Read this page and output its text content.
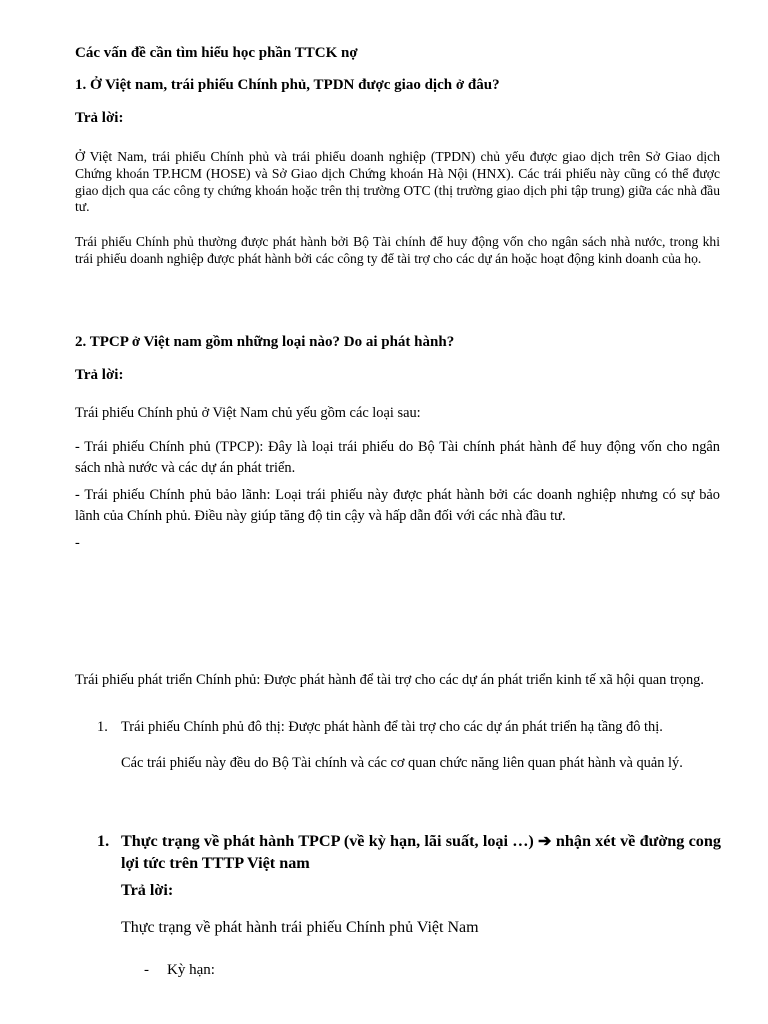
Các vấn đề cần tìm hiểu học phần TTCK nợ
1. Ở Việt nam, trái phiếu Chính phủ, TPDN được giao dịch ở đâu?
Trả lời:
Ở Việt Nam, trái phiếu Chính phủ và trái phiếu doanh nghiệp (TPDN) chủ yếu được giao dịch trên Sở Giao dịch Chứng khoán TP.HCM (HOSE) và Sở Giao dịch Chứng khoán Hà Nội (HNX). Các trái phiếu này cũng có thể được giao dịch qua các công ty chứng khoán hoặc trên thị trường OTC (thị trường giao dịch phi tập trung) giữa các nhà đầu tư.
Trái phiếu Chính phủ thường được phát hành bởi Bộ Tài chính để huy động vốn cho ngân sách nhà nước, trong khi trái phiếu doanh nghiệp được phát hành bởi các công ty để tài trợ cho các dự án hoặc hoạt động kinh doanh của họ.
2. TPCP ở Việt nam gồm những loại nào? Do ai phát hành?
Trả lời:
Trái phiếu Chính phủ ở Việt Nam chủ yếu gồm các loại sau:
- Trái phiếu Chính phủ (TPCP): Đây là loại trái phiếu do Bộ Tài chính phát hành để huy động vốn cho ngân sách nhà nước và các dự án phát triển.
- Trái phiếu Chính phủ bảo lãnh: Loại trái phiếu này được phát hành bởi các doanh nghiệp nhưng có sự bảo lãnh của Chính phủ. Điều này giúp tăng độ tin cậy và hấp dẫn đối với các nhà đầu tư.
-
Trái phiếu phát triển Chính phủ: Được phát hành để tài trợ cho các dự án phát triển kinh tế xã hội quan trọng.
1. Trái phiếu Chính phủ đô thị: Được phát hành để tài trợ cho các dự án phát triển hạ tầng đô thị.
Các trái phiếu này đều do Bộ Tài chính và các cơ quan chức năng liên quan phát hành và quản lý.
1. Thực trạng về phát hành TPCP (về kỳ hạn, lãi suất, loại …) ➔ nhận xét về đường cong lợi tức trên TTTP Việt nam
Trả lời:
Thực trạng về phát hành trái phiếu Chính phủ Việt Nam
- Kỳ hạn:
